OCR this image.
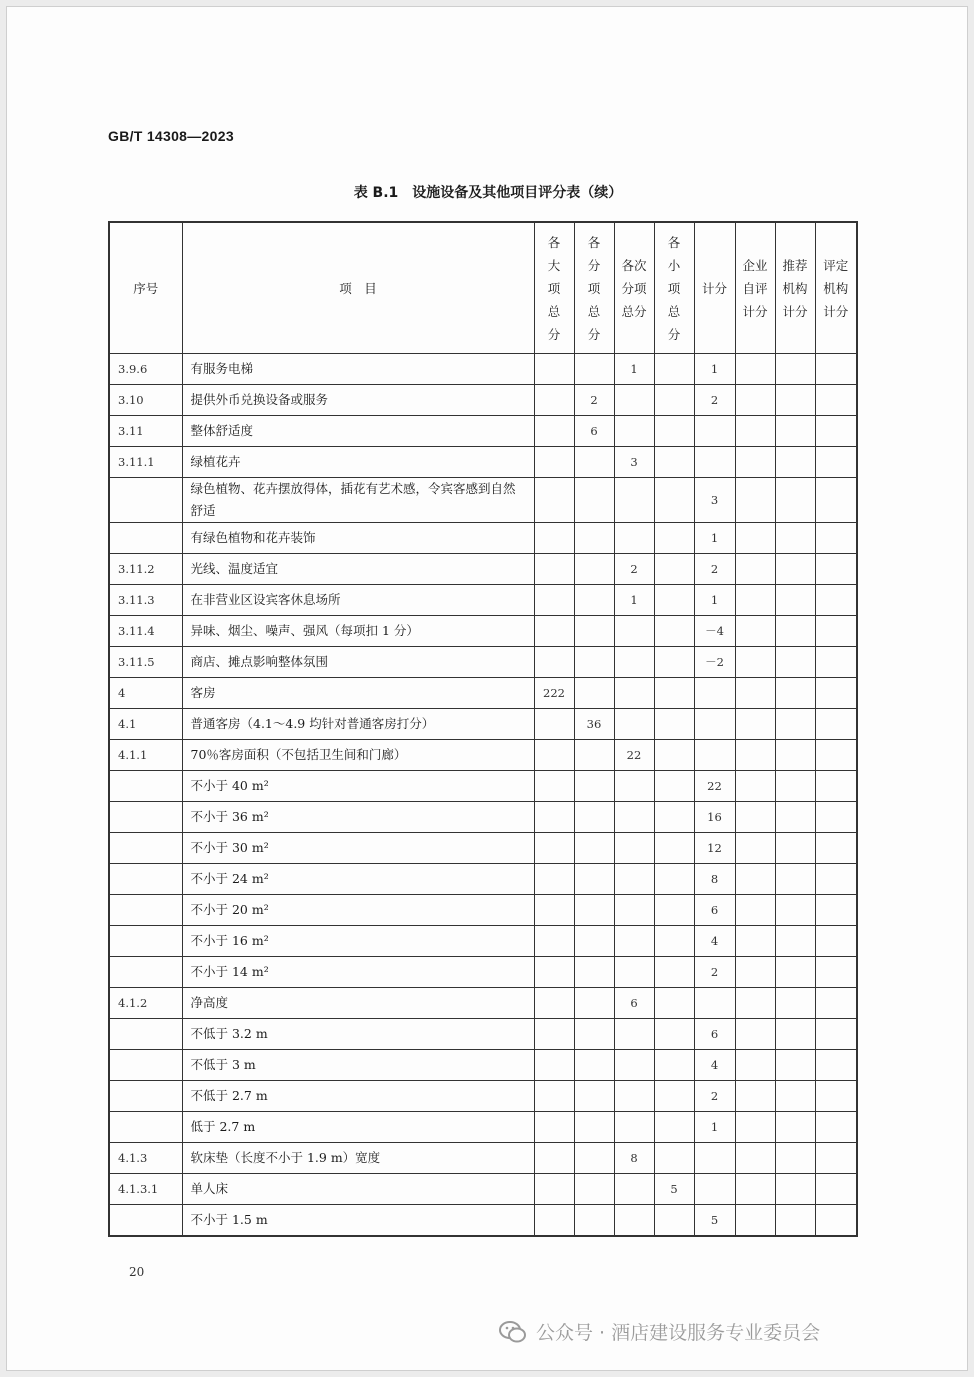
GB/T 14308—2023
表 B.1　设施设备及其他项目评分表（续）
序号	项　目	各大项总分	各分项总分	各次分项总分	各小项总分	计分	企业自评计分	推荐机构计分	评定机构计分
3.9.6	有服务电梯			1		1			
3.10	提供外币兑换设备或服务		2			2			
3.11	整体舒适度		6						
3.11.1	绿植花卉			3					
	绿色植物、花卉摆放得体，插花有艺术感，令宾客感到自然舒适					3			
	有绿色植物和花卉装饰					1			
3.11.2	光线、温度适宜			2		2			
3.11.3	在非营业区设宾客休息场所			1		1			
3.11.4	异味、烟尘、噪声、强风（每项扣 1 分）					－4			
3.11.5	商店、摊点影响整体氛围					－2			
4	客房	222							
4.1	普通客房（4.1～4.9 均针对普通客房打分）		36						
4.1.1	70％客房面积（不包括卫生间和门廊）			22					
	不小于 40 m²					22			
	不小于 36 m²					16			
	不小于 30 m²					12			
	不小于 24 m²					8			
	不小于 20 m²					6			
	不小于 16 m²					4			
	不小于 14 m²					2			
4.1.2	净高度			6					
	不低于 3.2 m					6			
	不低于 3 m					4			
	不低于 2.7 m					2			
	低于 2.7 m					1			
4.1.3	软床垫（长度不小于 1.9 m）宽度			8					
4.1.3.1	单人床				5				
	不小于 1.5 m					5			
20
公众号 · 酒店建设服务专业委员会
